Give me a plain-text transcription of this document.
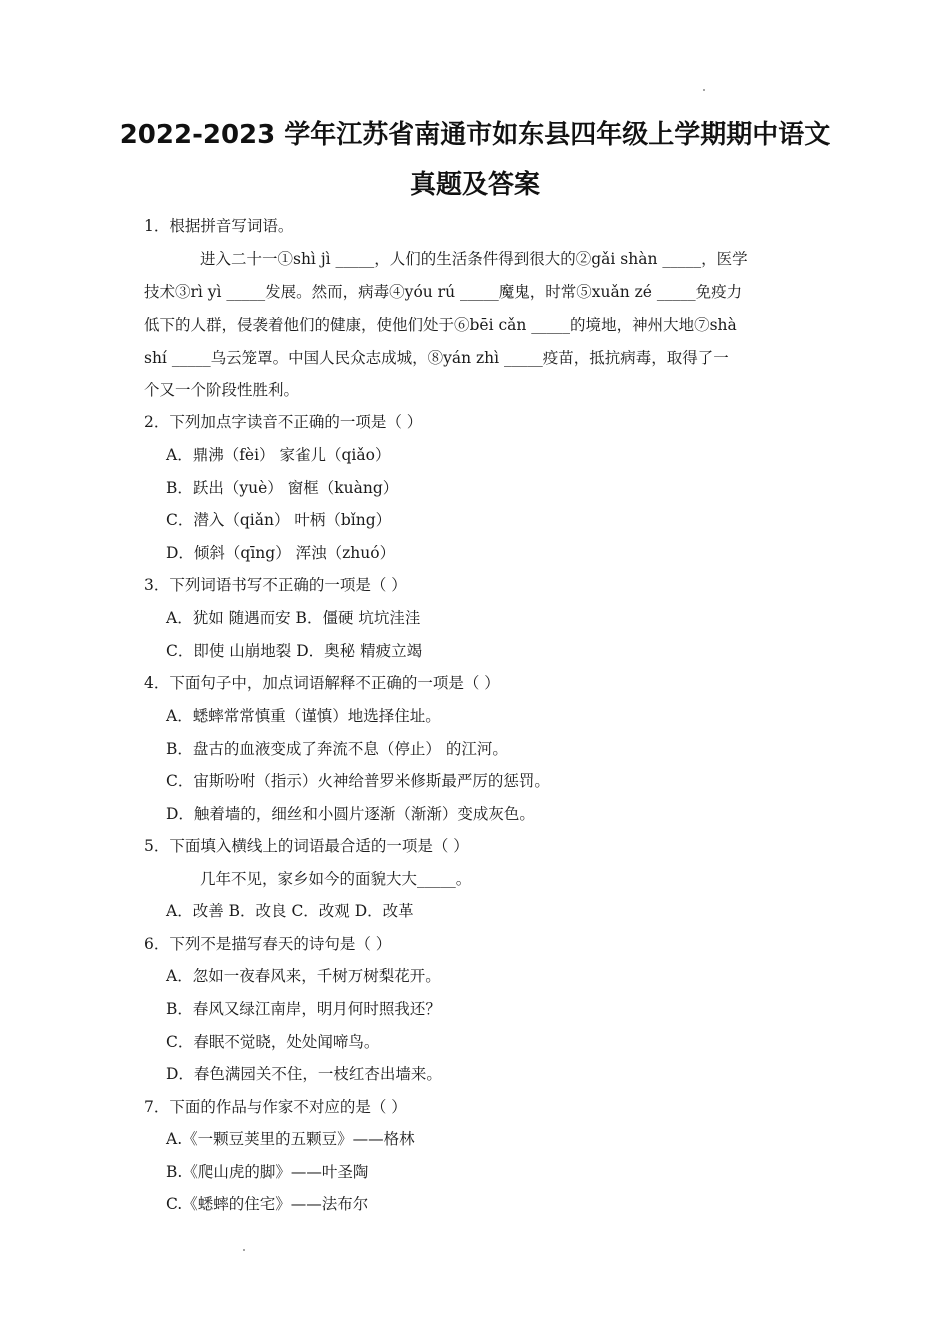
2022-2023 学年江苏省南通市如东县四年级上学期期中语文
真题及答案
1．根据拼音写词语。
进入二十一①shì jì _____，人们的生活条件得到很大的②gǎi shàn _____，医学
技术③rì yì _____发展。然而，病毒④yóu rú _____魔鬼，时常⑤xuǎn zé _____免疫力
低下的人群，侵袭着他们的健康，使他们处于⑥bēi cǎn _____的境地，神州大地⑦shà
shí _____乌云笼罩。中国人民众志成城，⑧yán zhì _____疫苗，抵抗病毒，取得了一
个又一个阶段性胜利。
2．下列加点字读音不正确的一项是（ ）
A．鼎沸（fèi） 家雀儿（qiǎo）
B．跃出（yuè） 窗框（kuàng）
C．潜入（qiǎn） 叶柄（bǐng）
D．倾斜（qīng） 浑浊（zhuó）
3．下列词语书写不正确的一项是（ ）
A．犹如 随遇而安 B．僵硬 坑坑洼洼
C．即使 山崩地裂 D．奥秘 精疲立竭
4．下面句子中，加点词语解释不正确的一项是（ ）
A．蟋蟀常常慎重（谨慎）地选择住址。
B．盘古的血液变成了奔流不息（停止） 的江河。
C．宙斯吩咐（指示）火神给普罗米修斯最严厉的惩罚。
D．触着墙的，细丝和小圆片逐渐（渐渐）变成灰色。
5．下面填入横线上的词语最合适的一项是（ ）
几年不见，家乡如今的面貌大大_____。
A．改善 B．改良 C．改观 D．改革
6．下列不是描写春天的诗句是（ ）
A．忽如一夜春风来，千树万树梨花开。
B．春风又绿江南岸，明月何时照我还？
C．春眠不觉晓，处处闻啼鸟。
D．春色满园关不住，一枝红杏出墙来。
7．下面的作品与作家不对应的是（ ）
A.《一颗豆荚里的五颗豆》——格林
B.《爬山虎的脚》——叶圣陶
C.《蟋蟀的住宅》——法布尔
